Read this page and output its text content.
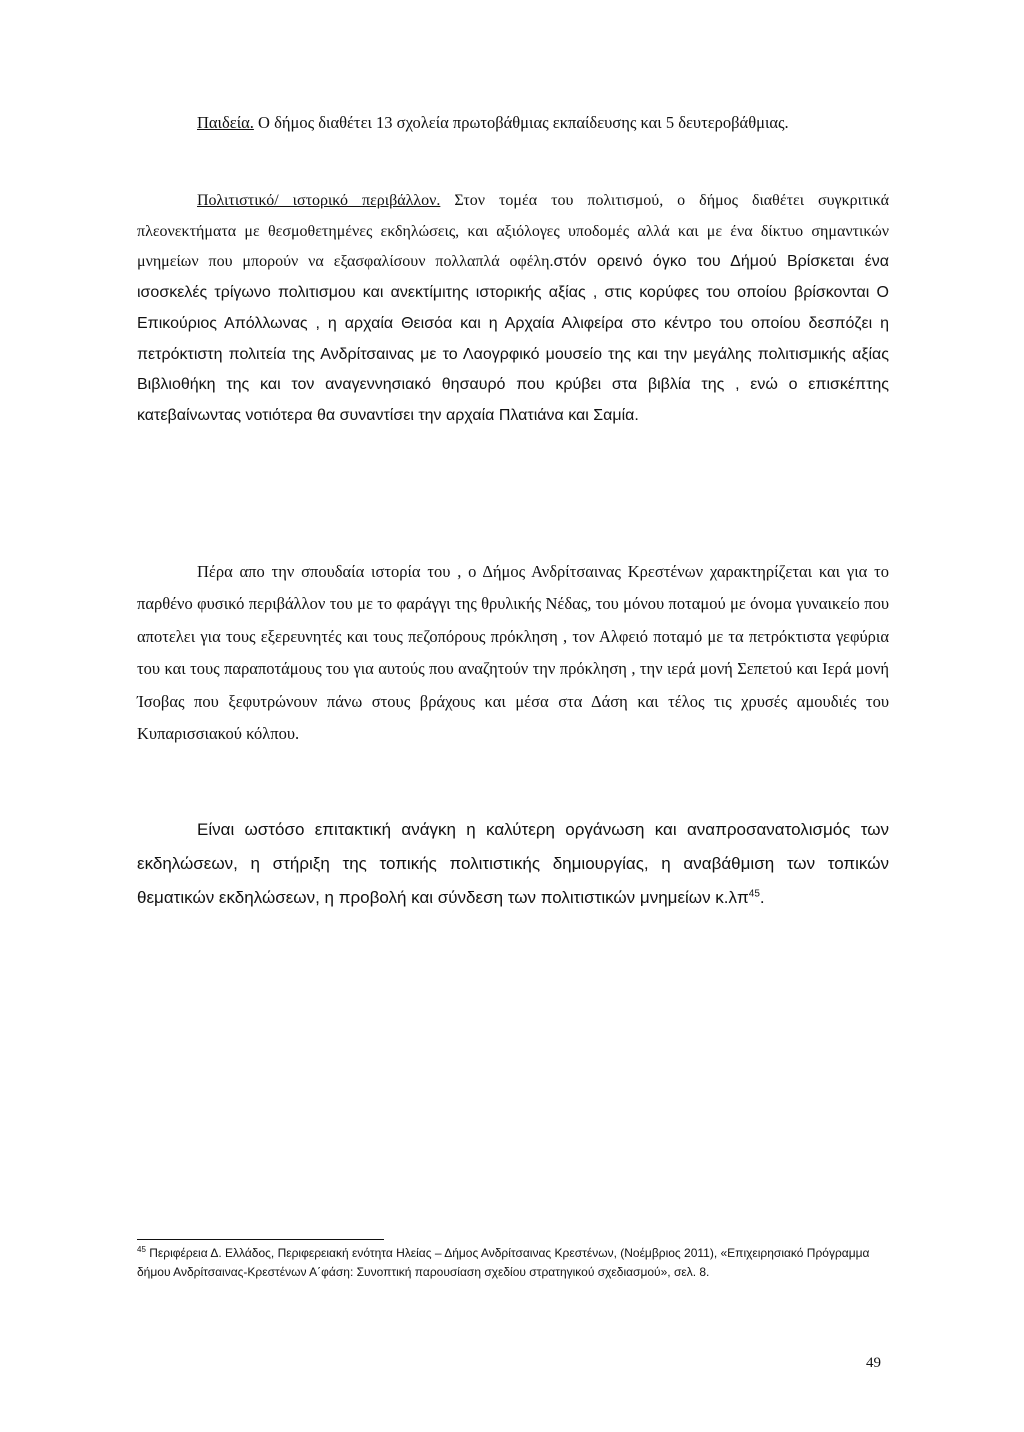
Παιδεία. Ο δήμος διαθέτει 13 σχολεία πρωτοβάθμιας εκπαίδευσης και 5 δευτεροβάθμιας.
Πολιτιστικό/ ιστορικό περιβάλλον. Στον τομέα του πολιτισμού, ο δήμος διαθέτει συγκριτικά πλεονεκτήματα με θεσμοθετημένες εκδηλώσεις, και αξιόλογες υποδομές αλλά και με ένα δίκτυο σημαντικών μνημείων που μπορούν να εξασφαλίσουν πολλαπλά οφέλη.στόν ορεινό όγκο του Δήμού Βρίσκεται ένα ισοσκελές τρίγωνο πολιτισμου και ανεκτίμιτης ιστορικής αξίας , στις κορύφες του οποίου βρίσκονται Ο Επικούριος Απόλλωνας , η αρχαία Θεισόα και η Αρχαία Αλιφείρα στο κέντρο του οποίου δεσπόζει η πετρόκτιστη πολιτεία της Ανδρίτσαινας με το Λαογρφικό μουσείο της και την μεγάλης πολιτισμικής αξίας Βιβλιοθήκη της και τον αναγεννησιακό θησαυρό που κρύβει στα βιβλία της , ενώ ο επισκέπτης κατεβαίνωντας νοτιότερα θα συναντίσει την αρχαία Πλατιάνα και Σαμία.
Πέρα απο την σπουδαία ιστορία του , ο Δήμος Ανδρίτσαινας Κρεστένων χαρακτηρίζεται και για το παρθένο φυσικό περιβάλλον του με το φαράγγι της θρυλικής Νέδας, του μόνου ποταμού με όνομα γυναικείο που αποτελει για τους εξερευνητές και τους πεζοπόρους πρόκληση , τον Αλφειό ποταμό με τα πετρόκτιστα γεφύρια του και τους παραποτάμους του για αυτούς που αναζητούν την πρόκληση , την ιερά μονή Σεπετού και Ιερά μονή Ίσοβας που ξεφυτρώνουν πάνω στους βράχους και μέσα στα Δάση και τέλος τις χρυσές αμουδιές του Κυπαρισσιακού κόλπου.
Είναι ωστόσο επιτακτική ανάγκη η καλύτερη οργάνωση και αναπροσανατολισμός των εκδηλώσεων, η στήριξη της τοπικής πολιτιστικής δημιουργίας, η αναβάθμιση των τοπικών θεματικών εκδηλώσεων, η προβολή και σύνδεση των πολιτιστικών μνημείων $\kappa.\lambda\pi^{45}$.
$^{45}$ Περιφέρεια Δ. Ελλάδος, Περιφερειακή ενότητα Ηλείας – Δήμος Ανδρίτσαινας Κρεστένων, (Νοέμβριος 2011), «Επιχειρησιακό Πρόγραμμα δήμου Ανδρίτσαινας-Κρεστένων Α΄φάση: Συνοπτική παρουσίαση σχεδίου στρατηγικού σχεδιασμού», σελ. 8.
49
